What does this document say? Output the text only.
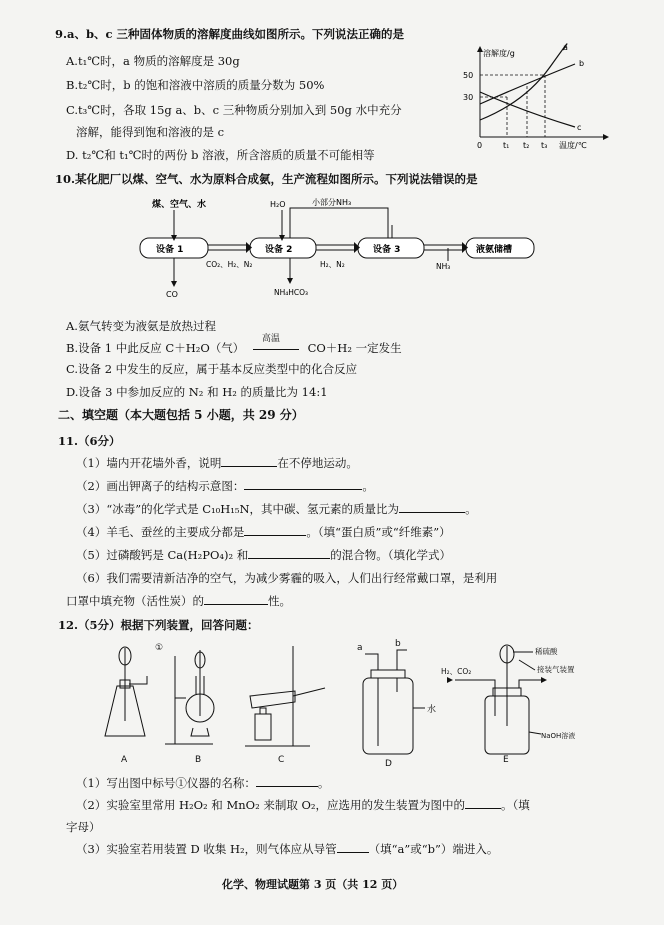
9.a、b、c 三种固体物质的溶解度曲线如图所示。下列说法正确的是
A.t₁℃时，a 物质的溶解度是 30g
B.t₂℃时，b 的饱和溶液中溶质的质量分数为 50%
C.t₃℃时，各取 15g a、b、c 三种物质分别加入到 50g 水中充分
溶解，能得到饱和溶液的是 c
D. t₂℃和 t₁℃时的两份 b 溶液，所含溶质的质量不可能相等
溶解度/g
50
30
0	t₁ t₂ t₃ 温度/℃
a
b
c
10.某化肥厂以煤、空气、水为原料合成氨，生产流程如图所示。下列说法错误的是
设备 1	设备 2	设备 3	液氨储槽
煤、空气、水	H₂O	小部分NH₃
CO₂、H₂、N₂	H₂、N₂	NH₃
CO	NH₄HCO₃
A.氨气转变为液氨是放热过程
B.设备 1 中此反应 C＋H₂O（气）
高温
CO＋H₂ 一定发生
C.设备 2 中发生的反应，属于基本反应类型中的化合反应
D.设备 3 中参加反应的 N₂ 和 H₂ 的质量比为 14:1
二、填空题（本大题包括 5 小题，共 29 分）
11.（6分）
（1）墙内开花墙外香，说明	在不停地运动。
（2）画出钾离子的结构示意图：	。
（3）“冰毒”的化学式是 C₁₀H₁₅N，其中碳、氢元素的质量比为	。
（4）羊毛、蚕丝的主要成分都是	。（填“蛋白质”或“纤维素”）
（5）过磷酸钙是 Ca(H₂PO₄)₂ 和	的混合物。（填化学式）
（6）我们需要清新洁净的空气，为减少雾霾的吸入，人们出行经常戴口罩，是利用
口罩中填充物（活性炭）的	性。
12.（5分）根据下列装置，回答问题：
①	a	b
水
H₂、CO₂
稀硫酸
接装气装置
NaOH溶液
A	B	C	D	E
（1）写出图中标号①仪器的名称：	。
（2）实验室里常用 H₂O₂ 和 MnO₂ 来制取 O₂，应选用的发生装置为图中的	。（填
字母）
（3）实验室若用装置 D 收集 H₂，则气体应从导管	（填“a”或“b”）端进入。
化学、物理试题第 3 页（共 12 页）
